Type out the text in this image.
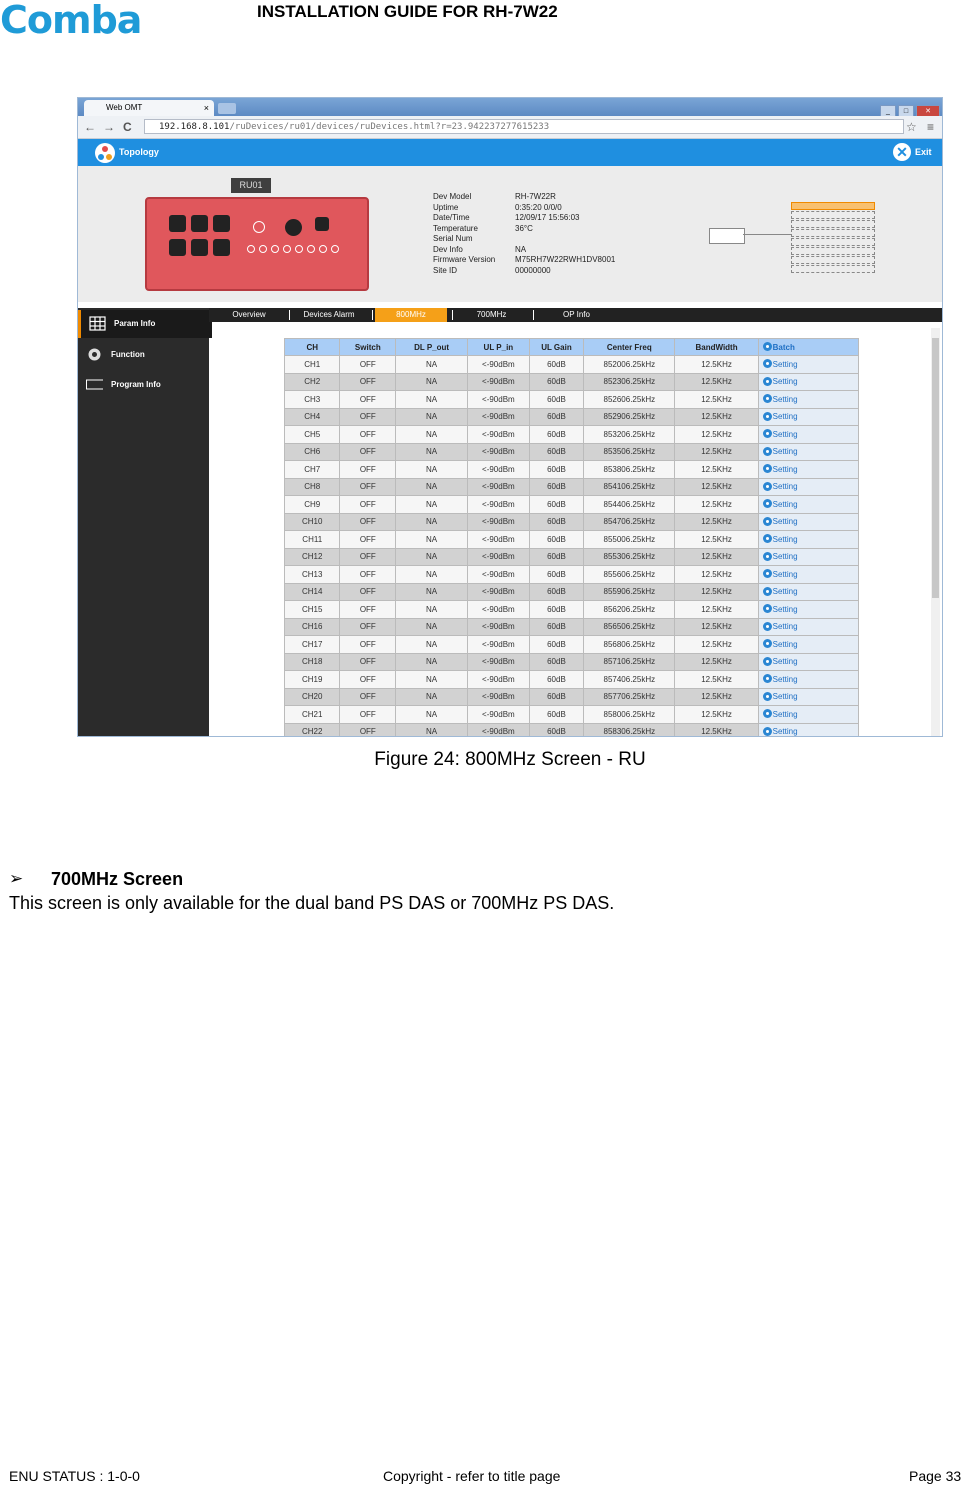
Comba	INSTALLATION GUIDE FOR RH-7W22
Web OMT	×	_ □ ✕
← → C	192.168.8.101/ruDevices/ru01/devices/ruDevices.html?r=23.942237277615233	☆ ≡
Topology	✕ Exit
RU01
Dev Model	RH-7W22R
Uptime	0:35:20 0/0/0
Date/Time	12/09/17 15:56:03
Temperature	36°C
Serial Num
Dev Info	NA
Firmware Version M75RH7W22RWH1DV8001
Site ID	00000000
Param Info
Function
Program Info
Overview	Devices Alarm	800MHz	700MHz	OP Info
CH	Switch	DL P_out	UL P_in	UL Gain	Center Freq	BandWidth	Batch
CH1	OFF	NA	<-90dBm	60dB	852006.25kHz	12.5KHz	Setting
CH2	OFF	NA	<-90dBm	60dB	852306.25kHz	12.5KHz	Setting
CH3	OFF	NA	<-90dBm	60dB	852606.25kHz	12.5KHz	Setting
CH4	OFF	NA	<-90dBm	60dB	852906.25kHz	12.5KHz	Setting
CH5	OFF	NA	<-90dBm	60dB	853206.25kHz	12.5KHz	Setting
CH6	OFF	NA	<-90dBm	60dB	853506.25kHz	12.5KHz	Setting
CH7	OFF	NA	<-90dBm	60dB	853806.25kHz	12.5KHz	Setting
CH8	OFF	NA	<-90dBm	60dB	854106.25kHz	12.5KHz	Setting
CH9	OFF	NA	<-90dBm	60dB	854406.25kHz	12.5KHz	Setting
CH10	OFF	NA	<-90dBm	60dB	854706.25kHz	12.5KHz	Setting
CH11	OFF	NA	<-90dBm	60dB	855006.25kHz	12.5KHz	Setting
CH12	OFF	NA	<-90dBm	60dB	855306.25kHz	12.5KHz	Setting
CH13	OFF	NA	<-90dBm	60dB	855606.25kHz	12.5KHz	Setting
CH14	OFF	NA	<-90dBm	60dB	855906.25kHz	12.5KHz	Setting
CH15	OFF	NA	<-90dBm	60dB	856206.25kHz	12.5KHz	Setting
CH16	OFF	NA	<-90dBm	60dB	856506.25kHz	12.5KHz	Setting
CH17	OFF	NA	<-90dBm	60dB	856806.25kHz	12.5KHz	Setting
CH18	OFF	NA	<-90dBm	60dB	857106.25kHz	12.5KHz	Setting
CH19	OFF	NA	<-90dBm	60dB	857406.25kHz	12.5KHz	Setting
CH20	OFF	NA	<-90dBm	60dB	857706.25kHz	12.5KHz	Setting
CH21	OFF	NA	<-90dBm	60dB	858006.25kHz	12.5KHz	Setting
CH22	OFF	NA	<-90dBm	60dB	858306.25kHz	12.5KHz	Setting
Figure 24: 800MHz Screen - RU
➢ 700MHz Screen
This screen is only available for the dual band PS DAS or 700MHz PS DAS.
ENU STATUS : 1-0-0	Copyright - refer to title page	Page 33
